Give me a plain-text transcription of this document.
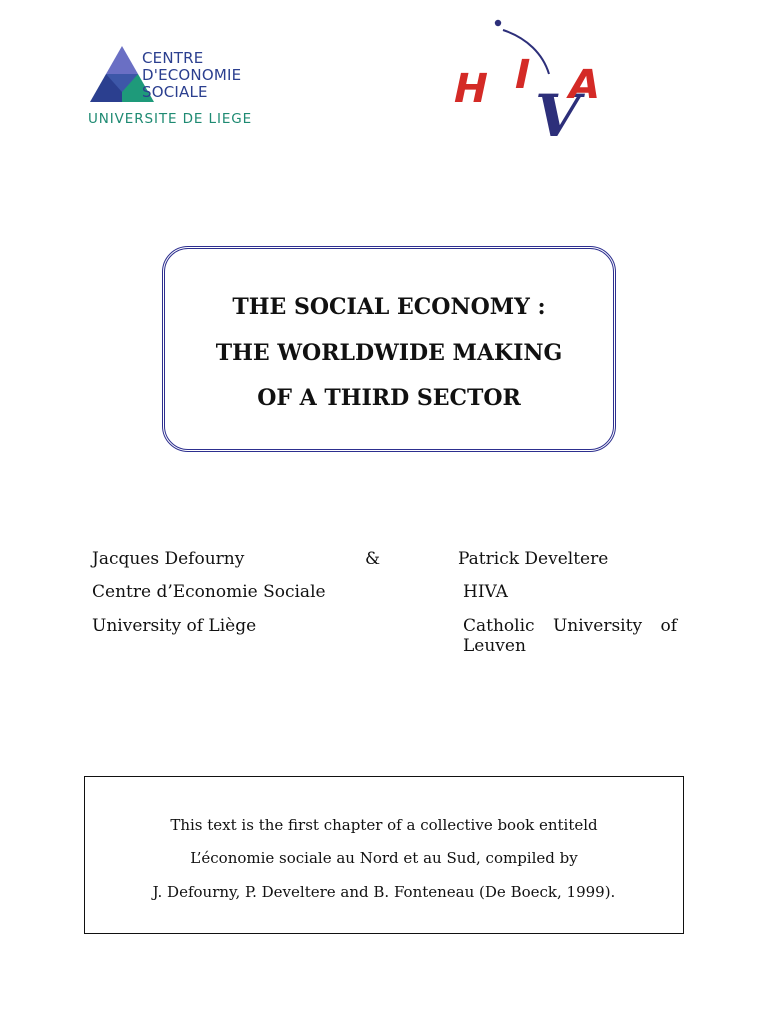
CENTRE
D'ECONOMIE
SOCIALE
UNIVERSITE DE LIEGE
H I
V
A
THE SOCIAL ECONOMY :
THE WORLDWIDE MAKING
OF A THIRD SECTOR
Jacques Defourny	&	Patrick Develtere
Centre d’Economie Sociale	HIVA
University of Liège	Catholic University of Leuven
This text is the first chapter of a collective book entiteld
L’économie sociale au Nord et au Sud, compiled by
J. Defourny, P. Develtere and B. Fonteneau (De Boeck, 1999).
